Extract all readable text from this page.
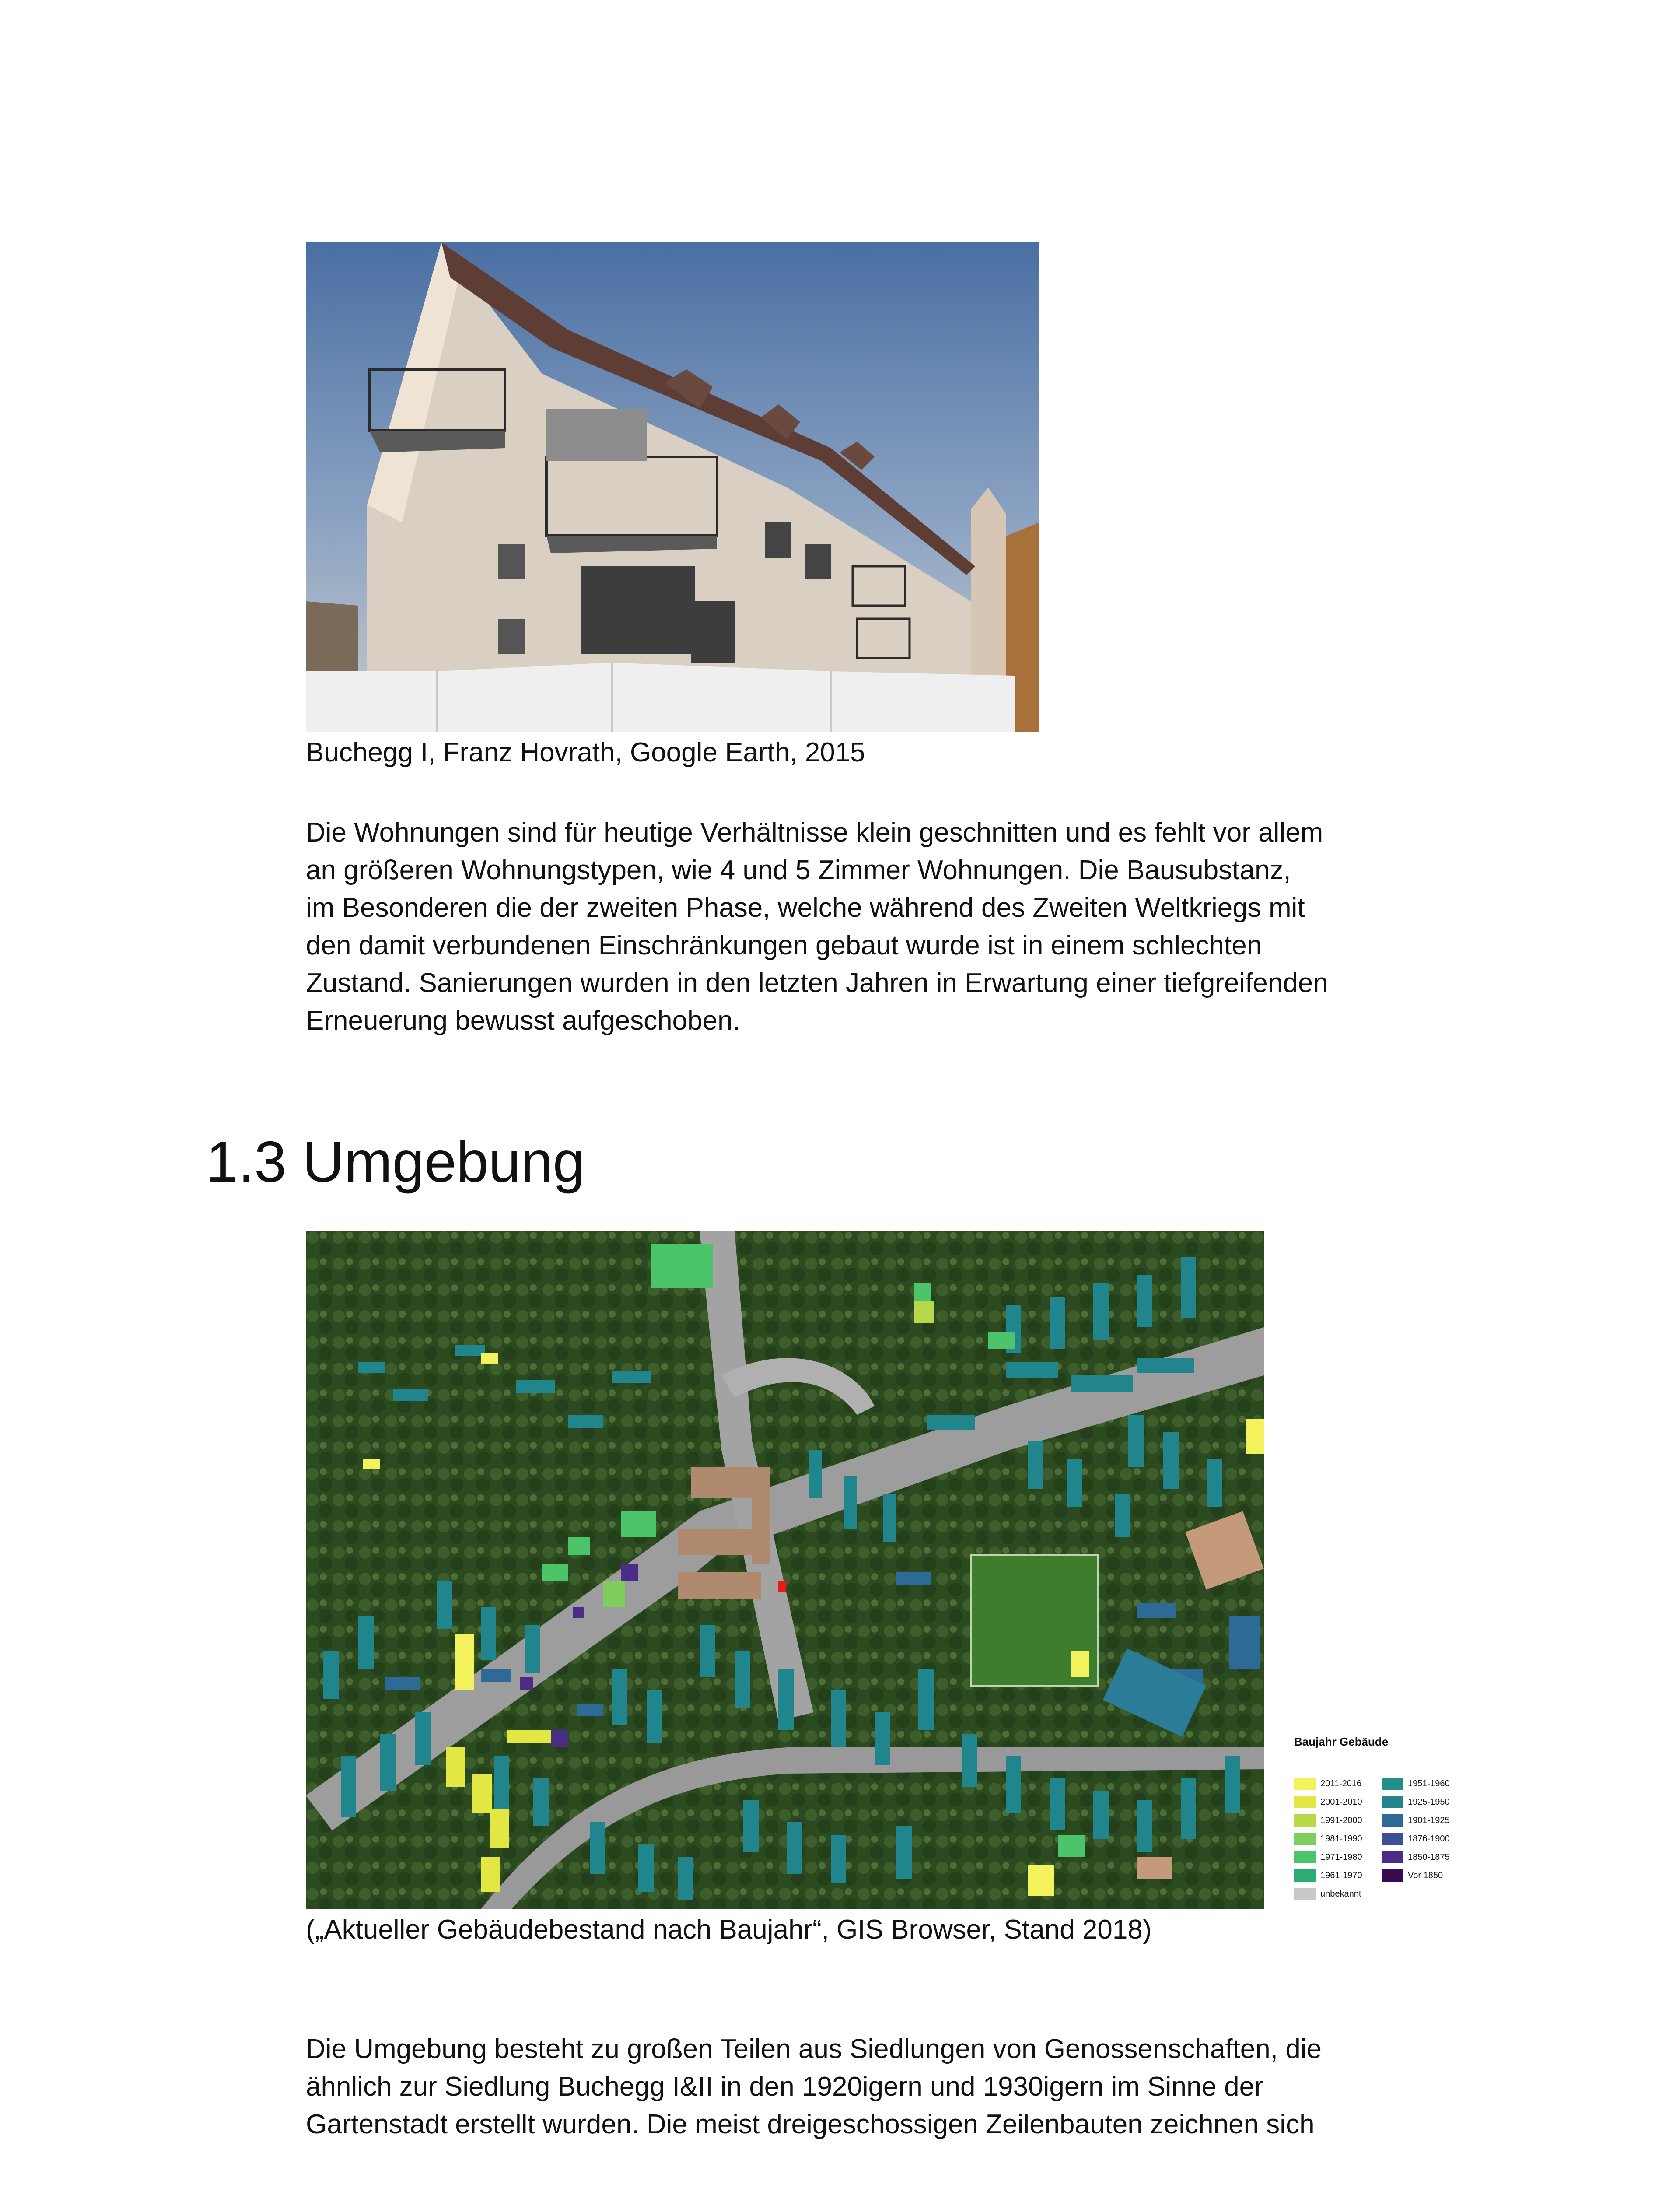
Buchegg I, Franz Hovrath, Google Earth, 2015
Die Wohnungen sind für heutige Verhältnisse klein geschnitten und es fehlt vor allem
an größeren Wohnungstypen, wie 4 und 5 Zimmer Wohnungen. Die Bausubstanz,
im Besonderen die der zweiten Phase, welche während des Zweiten Weltkriegs mit
den damit verbundenen Einschränkungen gebaut wurde ist in einem schlechten
Zustand. Sanierungen wurden in den letzten Jahren in Erwartung einer tiefgreifenden
Erneuerung bewusst aufgeschoben.
1.3 Umgebung
Baujahr Gebäude
2011-2016
2001-2010
1991-2000
1981-1990
1971-1980
1961-1970
unbekannt
1951-1960
1925-1950
1901-1925
1876-1900
1850-1875
Vor 1850
(„Aktueller Gebäudebestand nach Baujahr“, GIS Browser, Stand 2018)
Die Umgebung besteht zu großen Teilen aus Siedlungen von Genossenschaften, die
ähnlich zur Siedlung Buchegg I&II in den 1920igern und 1930igern im Sinne der
Gartenstadt erstellt wurden. Die meist dreigeschossigen Zeilenbauten zeichnen sich
